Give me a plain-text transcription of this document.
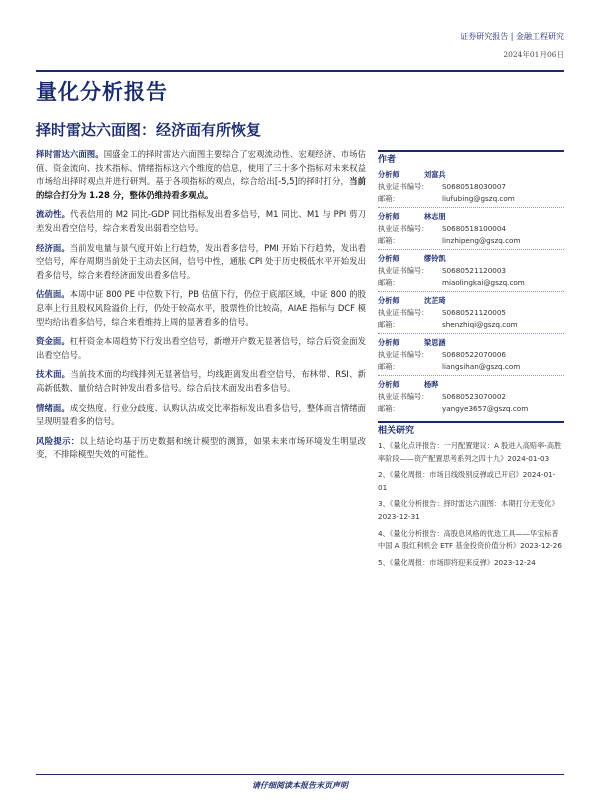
证券研究报告 | 金融工程研究
2024年01月06日
量化分析报告
择时雷达六面图：经济面有所恢复

择时雷达六面图。国盛金工的择时雷达六面图主要综合了宏观流动性、宏观经济、市场估值、资金流向、技术指标、情绪指标这六个维度的信息，使用了三十多个指标对未来权益市场给出择时观点并进行研判。基于各项指标的观点，综合给出[-5,5]的择时打分，当前的综合打分为 1.28 分，整体仍维持看多观点。

流动性。代表信用的 M2 同比-GDP 同比指标发出看多信号，M1 同比、M1 与 PPI 剪刀差发出看空信号，综合来看发出弱看空信号。

经济面。当前发电量与景气度开始上行趋势，发出看多信号，PMI 开始下行趋势，发出看空信号，库存周期当前处于主动去区间，信号中性，通胀 CPI 处于历史极低水平开始发出看多信号，综合来看经济面发出看多信号。

估值面。本周中证 800 PE 中位数下行，PB 估值下行，仍位于底部区域，中证 800 的股息率上行且股权风险溢价上行，仍处于较高水平，股票性价比较高，AIAE 指标与 DCF 模型均给出看多信号，综合来看维持上周的显著看多的信号。

资金面。杠杆资金本周趋势下行发出看空信号，新增开户数无显著信号，综合后资金面发出看空信号。

技术面。当前技术面的均线排列无显著信号，均线距离发出看空信号，布林带、RSI、新高新低数、量价结合时钟发出看多信号。综合后技术面发出看多信号。

情绪面。成交热度、行业分歧度、认购认沽成交比率指标发出看多信号，整体而言情绪面呈现明显看多的信号。

风险提示：以上结论均基于历史数据和统计模型的测算，如果未来市场环境发生明显改变，不排除模型失效的可能性。

作者
分析师	刘富兵
执业证书编号： S0680518030007
邮箱：	liufubing@gszq.com
分析师	林志朋
执业证书编号： S0680518100004
邮箱：	linzhipeng@gszq.com
分析师	缪铃凯
执业证书编号： S0680521120003
邮箱：	miaolingkai@gszq.com
分析师	沈芷琦
执业证书编号： S0680521120005
邮箱：	shenzhiqi@gszq.com
分析师	梁思涵
执业证书编号： S0680522070006
邮箱：	liangsihan@gszq.com
分析师	杨晔
执业证书编号： S0680523070002
邮箱：	yangye3657@gszq.com
相关研究
1、《量化点评报告：一月配置建议：A 股进入高赔率-高胜率阶段——资产配置思考系列之四十九》2024-01-03
2、《量化周报：市场日线级别反弹或已开启》2024-01-01
3、《量化分析报告：择时雷达六面图：本期打分无变化》2023-12-31
4、《量化分析报告：高股息风格的优选工具——华宝标普中国 A 股红利机会 ETF 基金投资价值分析》2023-12-26
5、《量化周报：市场即将迎来反弹》2023-12-24
请仔细阅读本报告末页声明
